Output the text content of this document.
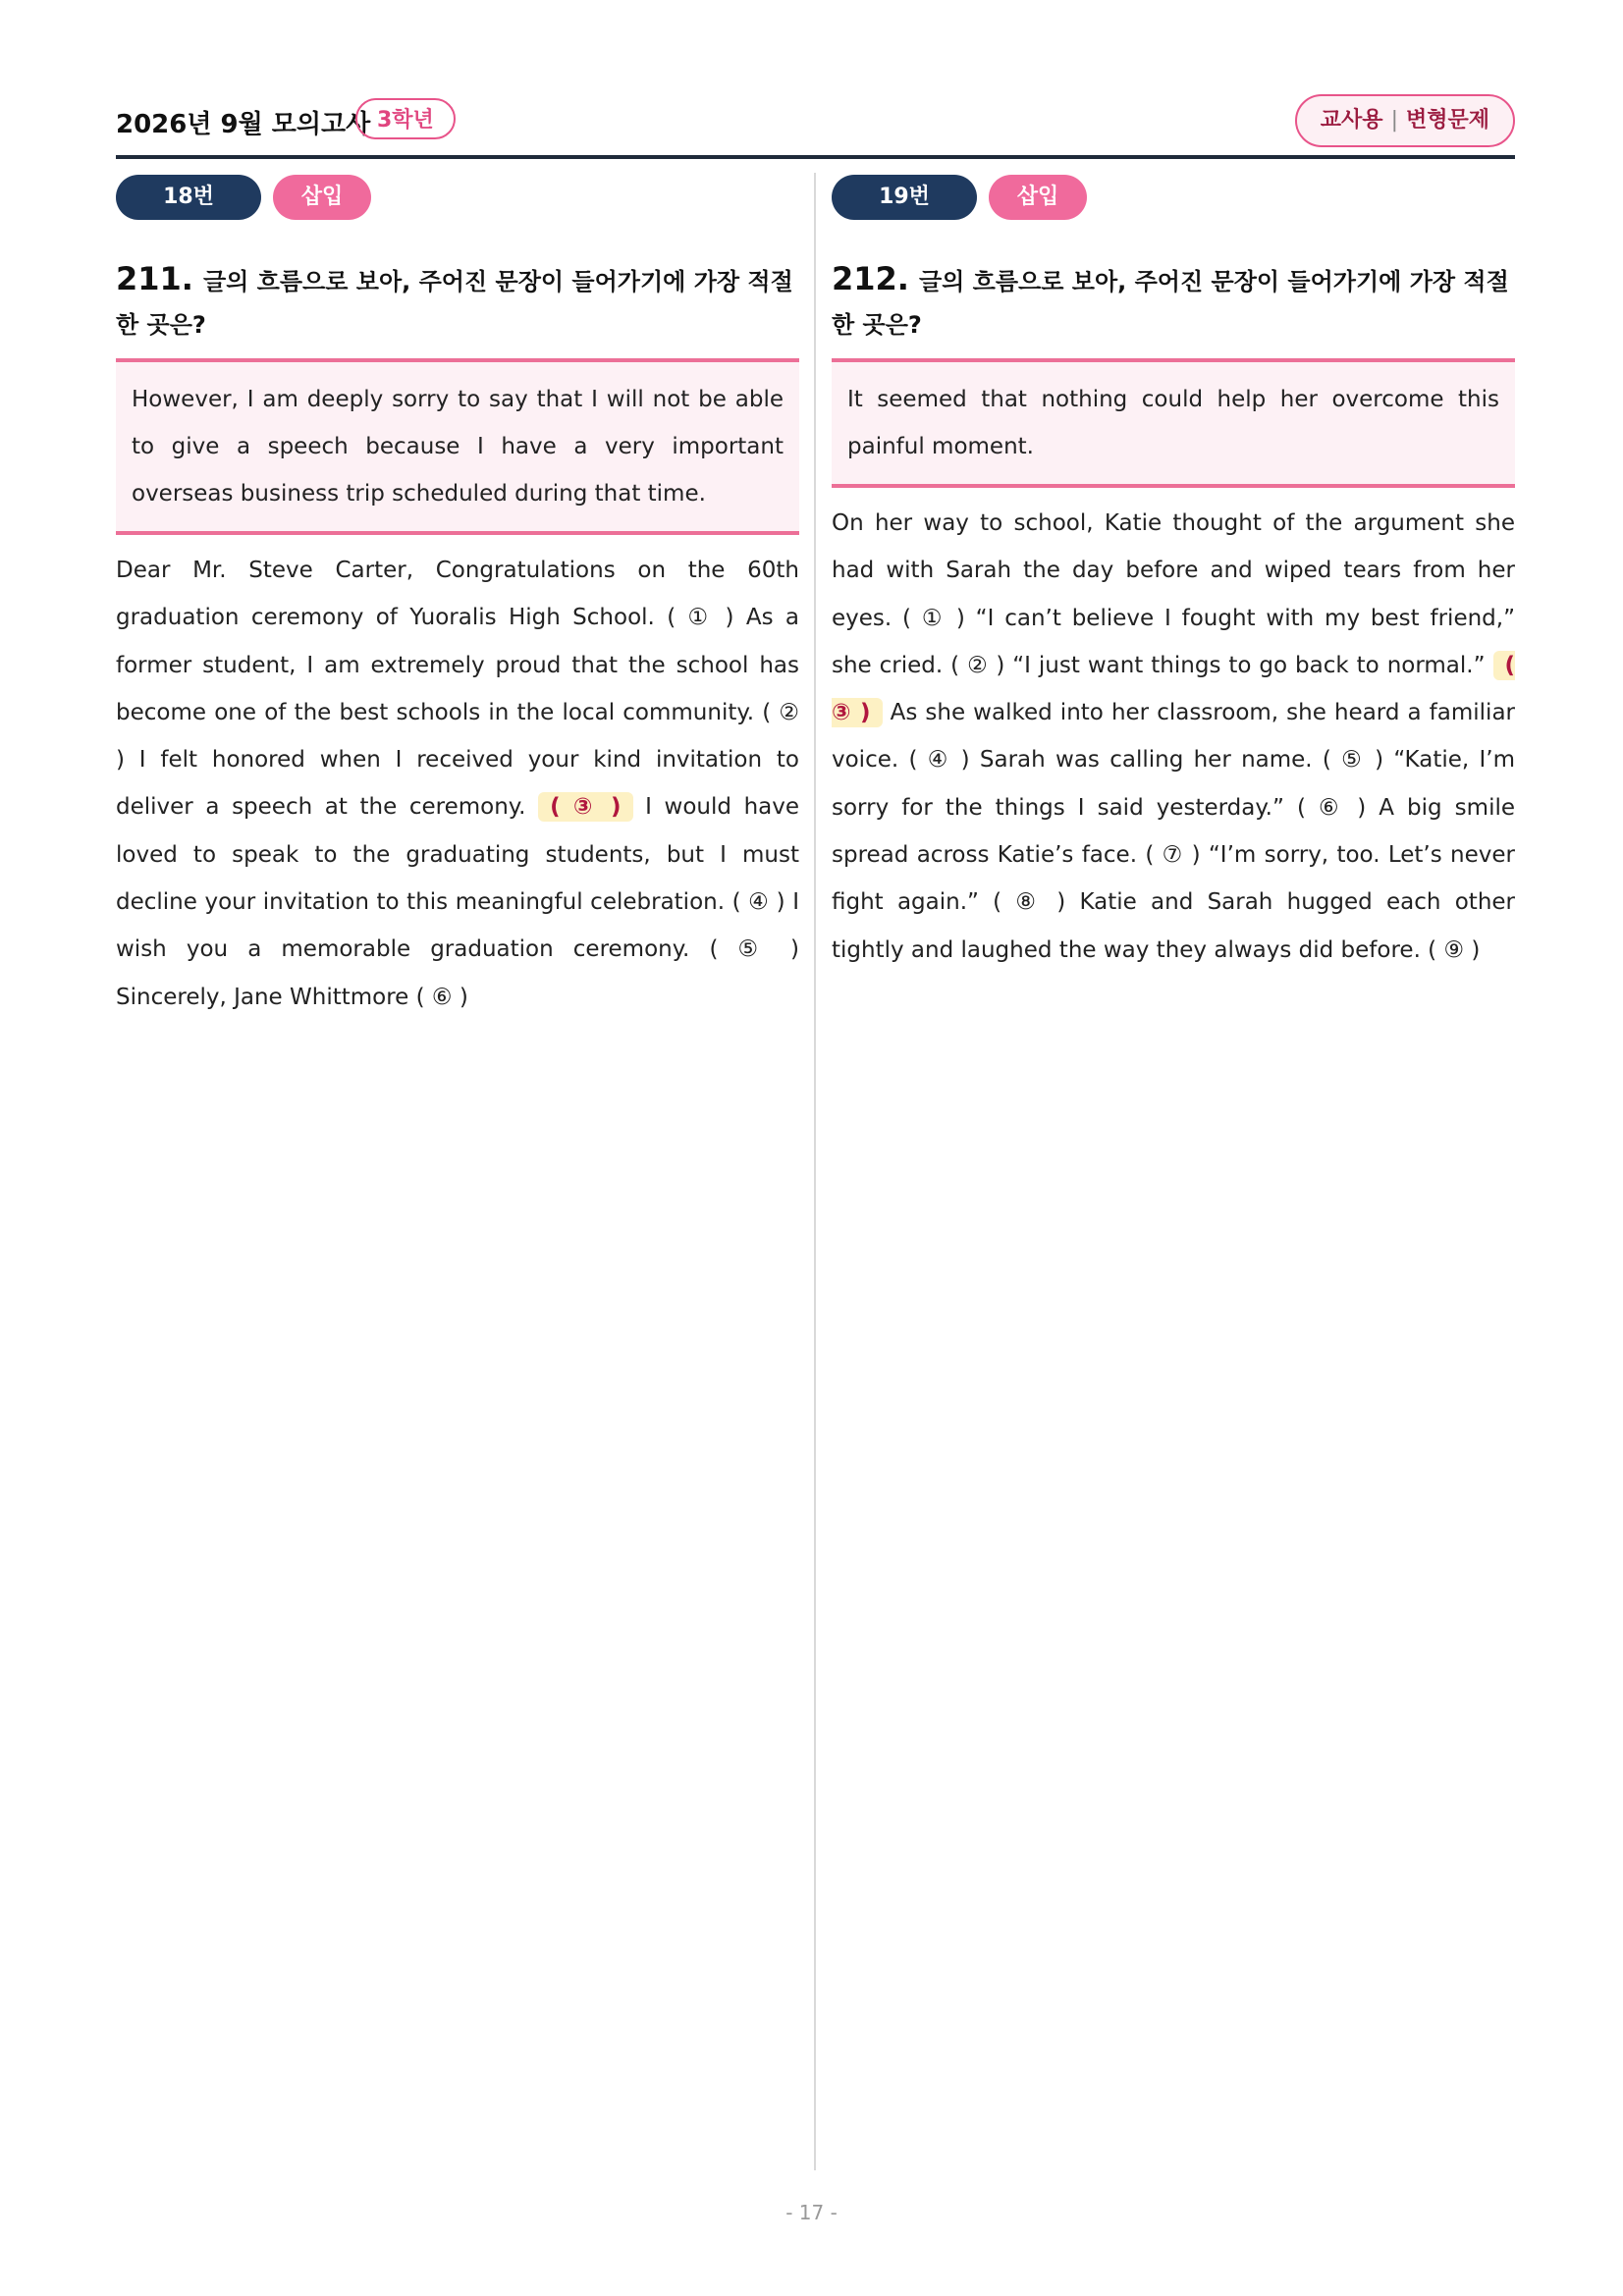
2026년 9월 모의고사 3학년	교사용 | 변형문제
18번	삽입
211. 글의 흐름으로 보아, 주어진 문장이 들어가기에 가장 적절한 곳은?
However, I am deeply sorry to say that I will not be able to give a speech because I have a very important overseas business trip scheduled during that time.
Dear Mr. Steve Carter, Congratulations on the 60th graduation ceremony of Yuoralis High School. ( ① ) As a former student, I am extremely proud that the school has become one of the best schools in the local community. ( ② ) I felt honored when I received your kind invitation to deliver a speech at the ceremony. ( ③ ) I would have loved to speak to the graduating students, but I must decline your invitation to this meaningful celebration. ( ④ ) I wish you a memorable graduation ceremony. ( ⑤ ) Sincerely, Jane Whittmore ( ⑥ )
19번	삽입
212. 글의 흐름으로 보아, 주어진 문장이 들어가기에 가장 적절한 곳은?
It seemed that nothing could help her overcome this painful moment.
On her way to school, Katie thought of the argument she had with Sarah the day before and wiped tears from her eyes. ( ① ) “I can’t believe I fought with my best friend,” she cried. ( ② ) “I just want things to go back to normal.” ( ③ ) As she walked into her classroom, she heard a familiar voice. ( ④ ) Sarah was calling her name. ( ⑤ ) “Katie, I’m sorry for the things I said yesterday.” ( ⑥ ) A big smile spread across Katie’s face. ( ⑦ ) “I’m sorry, too. Let’s never fight again.” ( ⑧ ) Katie and Sarah hugged each other tightly and laughed the way they always did before. ( ⑨ )
- 17 -
